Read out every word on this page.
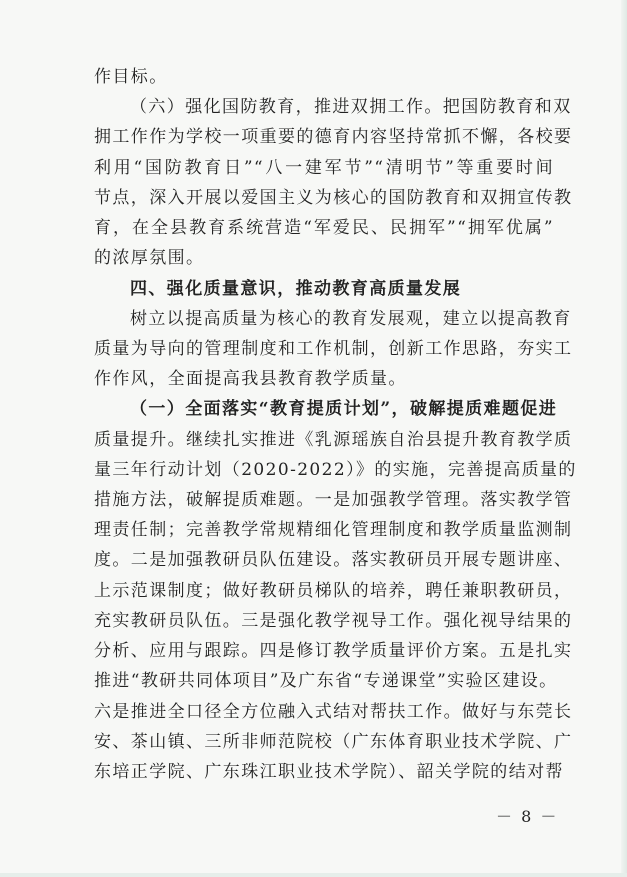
作目标。
（六）强化国防教育，推进双拥工作。把国防教育和双
拥工作作为学校一项重要的德育内容坚持常抓不懈，各校要
利用“国防教育日”“八一建军节”“清明节”等重要时间
节点，深入开展以爱国主义为核心的国防教育和双拥宣传教
育，在全县教育系统营造“军爱民、民拥军”“拥军优属”
的浓厚氛围。
四、强化质量意识，推动教育高质量发展
树立以提高质量为核心的教育发展观，建立以提高教育
质量为导向的管理制度和工作机制，创新工作思路，夯实工
作作风，全面提高我县教育教学质量。
（一）全面落实“教育提质计划”，破解提质难题促进
质量提升。继续扎实推进《乳源瑶族自治县提升教育教学质
量三年行动计划（2020-2022）》的实施，完善提高质量的
措施方法，破解提质难题。一是加强教学管理。落实教学管
理责任制；完善教学常规精细化管理制度和教学质量监测制
度。二是加强教研员队伍建设。落实教研员开展专题讲座、
上示范课制度；做好教研员梯队的培养，聘任兼职教研员，
充实教研员队伍。三是强化教学视导工作。强化视导结果的
分析、应用与跟踪。四是修订教学质量评价方案。五是扎实
推进“教研共同体项目”及广东省“专递课堂”实验区建设。
六是推进全口径全方位融入式结对帮扶工作。做好与东莞长
安、茶山镇、三所非师范院校（广东体育职业技术学院、广
东培正学院、广东珠江职业技术学院）、韶关学院的结对帮
－ 8 －
